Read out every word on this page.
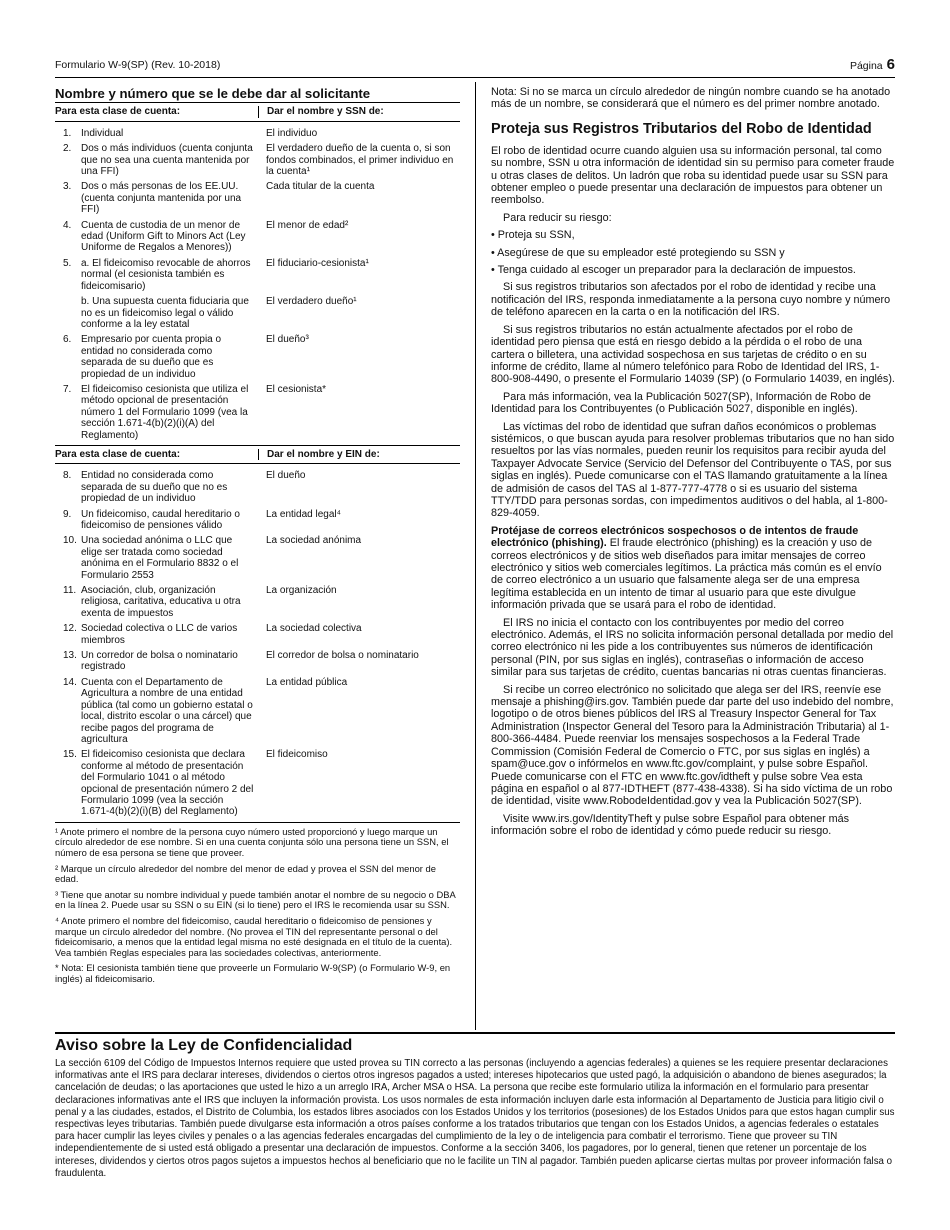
Formulario W-9(SP) (Rev. 10-2018)	Página 6
Nombre y número que se le debe dar al solicitante
Para esta clase de cuenta:	Dar el nombre y SSN de:
1. Individual	El individuo
2. Dos o más individuos (cuenta conjunta que no sea una cuenta mantenida por una FFI)
El verdadero dueño de la cuenta o, si son fondos combinados, el primer individuo en la cuenta¹
3. Dos o más personas de los EE.UU. (cuenta conjunta mantenida por una FFI)
Cada titular de la cuenta
4. Cuenta de custodia de un menor de edad (Uniform Gift to Minors Act (Ley Uniforme de Regalos a Menores))
El menor de edad²
5. a. El fideicomiso revocable de ahorros normal (el cesionista también es fideicomisario)
El fiduciario-cesionista¹
b. Una supuesta cuenta fiduciaria que no es un fideicomiso legal o válido conforme a la ley estatal
El verdadero dueño¹
6. Empresario por cuenta propia o entidad no considerada como separada de su dueño que es propiedad de un individuo
El dueño³
7. El fideicomiso cesionista que utiliza el método opcional de presentación número 1 del Formulario 1099 (vea la sección 1.671-4(b)(2)(i)(A) del Reglamento)
El cesionista*
Para esta clase de cuenta:	Dar el nombre y EIN de:
8. Entidad no considerada como separada de su dueño que no es propiedad de un individuo
El dueño
9. Un fideicomiso, caudal hereditario o fideicomiso de pensiones válido
La entidad legal⁴
10. Una sociedad anónima o LLC que elige ser tratada como sociedad anónima en el Formulario 8832 o el Formulario 2553
La sociedad anónima
11. Asociación, club, organización religiosa, caritativa, educativa u otra exenta de impuestos
La organización
12. Sociedad colectiva o LLC de varios miembros
La sociedad colectiva
13. Un corredor de bolsa o nominatario registrado
El corredor de bolsa o nominatario
14. Cuenta con el Departamento de Agricultura a nombre de una entidad pública (tal como un gobierno estatal o local, distrito escolar o una cárcel) que recibe pagos del programa de agricultura
La entidad pública
15. El fideicomiso cesionista que declara conforme al método de presentación del Formulario 1041 o al método opcional de presentación número 2 del Formulario 1099 (vea la sección 1.671-4(b)(2)(i)(B) del Reglamento)
El fideicomiso
¹ Anote primero el nombre de la persona cuyo número usted proporcionó y luego marque un círculo alrededor de ese nombre. Si en una cuenta conjunta sólo una persona tiene un SSN, el número de esa persona se tiene que proveer.
² Marque un círculo alrededor del nombre del menor de edad y provea el SSN del menor de edad.
³ Tiene que anotar su nombre individual y puede también anotar el nombre de su negocio o DBA en la línea 2. Puede usar su SSN o su EIN (si lo tiene) pero el IRS le recomienda usar su SSN.
⁴ Anote primero el nombre del fideicomiso, caudal hereditario o fideicomiso de pensiones y marque un círculo alrededor del nombre. (No provea el TIN del representante personal o del fideicomisario, a menos que la entidad legal misma no esté designada en el título de la cuenta). Vea también Reglas especiales para las sociedades colectivas, anteriormente.
* Nota: El cesionista también tiene que proveerle un Formulario W-9(SP) (o Formulario W-9, en inglés) al fideicomisario.

Nota: Si no se marca un círculo alrededor de ningún nombre cuando se ha anotado más de un nombre, se considerará que el número es del primer nombre anotado.

Proteja sus Registros Tributarios del Robo de Identidad

El robo de identidad ocurre cuando alguien usa su información personal, tal como su nombre, SSN u otra información de identidad sin su permiso para cometer fraude u otras clases de delitos. Un ladrón que roba su identidad puede usar su SSN para obtener empleo o puede presentar una declaración de impuestos para obtener un reembolso.

Para reducir su riesgo:

• Proteja su SSN,

• Asegúrese de que su empleador esté protegiendo su SSN y

• Tenga cuidado al escoger un preparador para la declaración de impuestos.

Si sus registros tributarios son afectados por el robo de identidad y recibe una notificación del IRS, responda inmediatamente a la persona cuyo nombre y número de teléfono aparecen en la carta o en la notificación del IRS.

Si sus registros tributarios no están actualmente afectados por el robo de identidad pero piensa que está en riesgo debido a la pérdida o el robo de una cartera o billetera, una actividad sospechosa en sus tarjetas de crédito o en su informe de crédito, llame al número telefónico para Robo de Identidad del IRS, 1-800-908-4490, o presente el Formulario 14039 (SP) (o Formulario 14039, en inglés).

Para más información, vea la Publicación 5027(SP), Información de Robo de Identidad para los Contribuyentes (o Publicación 5027, disponible en inglés).

Las víctimas del robo de identidad que sufran daños económicos o problemas sistémicos, o que buscan ayuda para resolver problemas tributarios que no han sido resueltos por las vías normales, pueden reunir los requisitos para recibir ayuda del Taxpayer Advocate Service (Servicio del Defensor del Contribuyente o TAS, por sus siglas en inglés). Puede comunicarse con el TAS llamando gratuitamente a la línea de admisión de casos del TAS al 1-877-777-4778 o si es usuario del sistema TTY/TDD para personas sordas, con impedimentos auditivos o del habla, al 1-800-829-4059.

Protéjase de correos electrónicos sospechosos o de intentos de fraude electrónico (phishing). El fraude electrónico (phishing) es la creación y uso de correos electrónicos y de sitios web diseñados para imitar mensajes de correo electrónico y sitios web comerciales legítimos. La práctica más común es el envío de correo electrónico a un usuario que falsamente alega ser de una empresa legítima establecida en un intento de timar al usuario para que este divulgue información privada que se usará para el robo de identidad.

El IRS no inicia el contacto con los contribuyentes por medio del correo electrónico. Además, el IRS no solicita información personal detallada por medio del correo electrónico ni les pide a los contribuyentes sus números de identificación personal (PIN, por sus siglas en inglés), contraseñas o información de acceso similar para sus tarjetas de crédito, cuentas bancarias ni otras cuentas financieras.

Si recibe un correo electrónico no solicitado que alega ser del IRS, reenvíe ese mensaje a phishing@irs.gov. También puede dar parte del uso indebido del nombre, logotipo o de otros bienes públicos del IRS al Treasury Inspector General for Tax Administration (Inspector General del Tesoro para la Administración Tributaria) al 1-800-366-4484. Puede reenviar los mensajes sospechosos a la Federal Trade Commission (Comisión Federal de Comercio o FTC, por sus siglas en inglés) a spam@uce.gov o infórmelos en www.ftc.gov/complaint, y pulse sobre Español. Puede comunicarse con el FTC en www.ftc.gov/idtheft y pulse sobre Vea esta página en español o al 877-IDTHEFT (877-438-4338). Si ha sido víctima de un robo de identidad, visite www.RobodeIdentidad.gov y vea la Publicación 5027(SP).

Visite www.irs.gov/IdentityTheft y pulse sobre Español para obtener más información sobre el robo de identidad y cómo puede reducir su riesgo.

Aviso sobre la Ley de Confidencialidad
La sección 6109 del Código de Impuestos Internos requiere que usted provea su TIN correcto a las personas (incluyendo a agencias federales) a quienes se les requiere presentar declaraciones informativas ante el IRS para declarar intereses, dividendos o ciertos otros ingresos pagados a usted; intereses hipotecarios que usted pagó, la adquisición o abandono de bienes asegurados; la cancelación de deudas; o las aportaciones que usted le hizo a un arreglo IRA, Archer MSA o HSA. La persona que recibe este formulario utiliza la información en el formulario para presentar declaraciones informativas ante el IRS que incluyen la información provista. Los usos normales de esta información incluyen darle esta información al Departamento de Justicia para litigio civil o penal y a las ciudades, estados, el Distrito de Columbia, los estados libres asociados con los Estados Unidos y los territorios (posesiones) de los Estados Unidos para que estos hagan cumplir sus respectivas leyes tributarias. También puede divulgarse esta información a otros países conforme a los tratados tributarios que tengan con los Estados Unidos, a agencias federales o estatales para hacer cumplir las leyes civiles y penales o a las agencias federales encargadas del cumplimiento de la ley o de inteligencia para combatir el terrorismo. Tiene que proveer su TIN independientemente de si usted está obligado a presentar una declaración de impuestos. Conforme a la sección 3406, los pagadores, por lo general, tienen que retener un porcentaje de los intereses, dividendos y ciertos otros pagos sujetos a impuestos hechos al beneficiario que no le facilite un TIN al pagador. También pueden aplicarse ciertas multas por proveer información falsa o fraudulenta.
